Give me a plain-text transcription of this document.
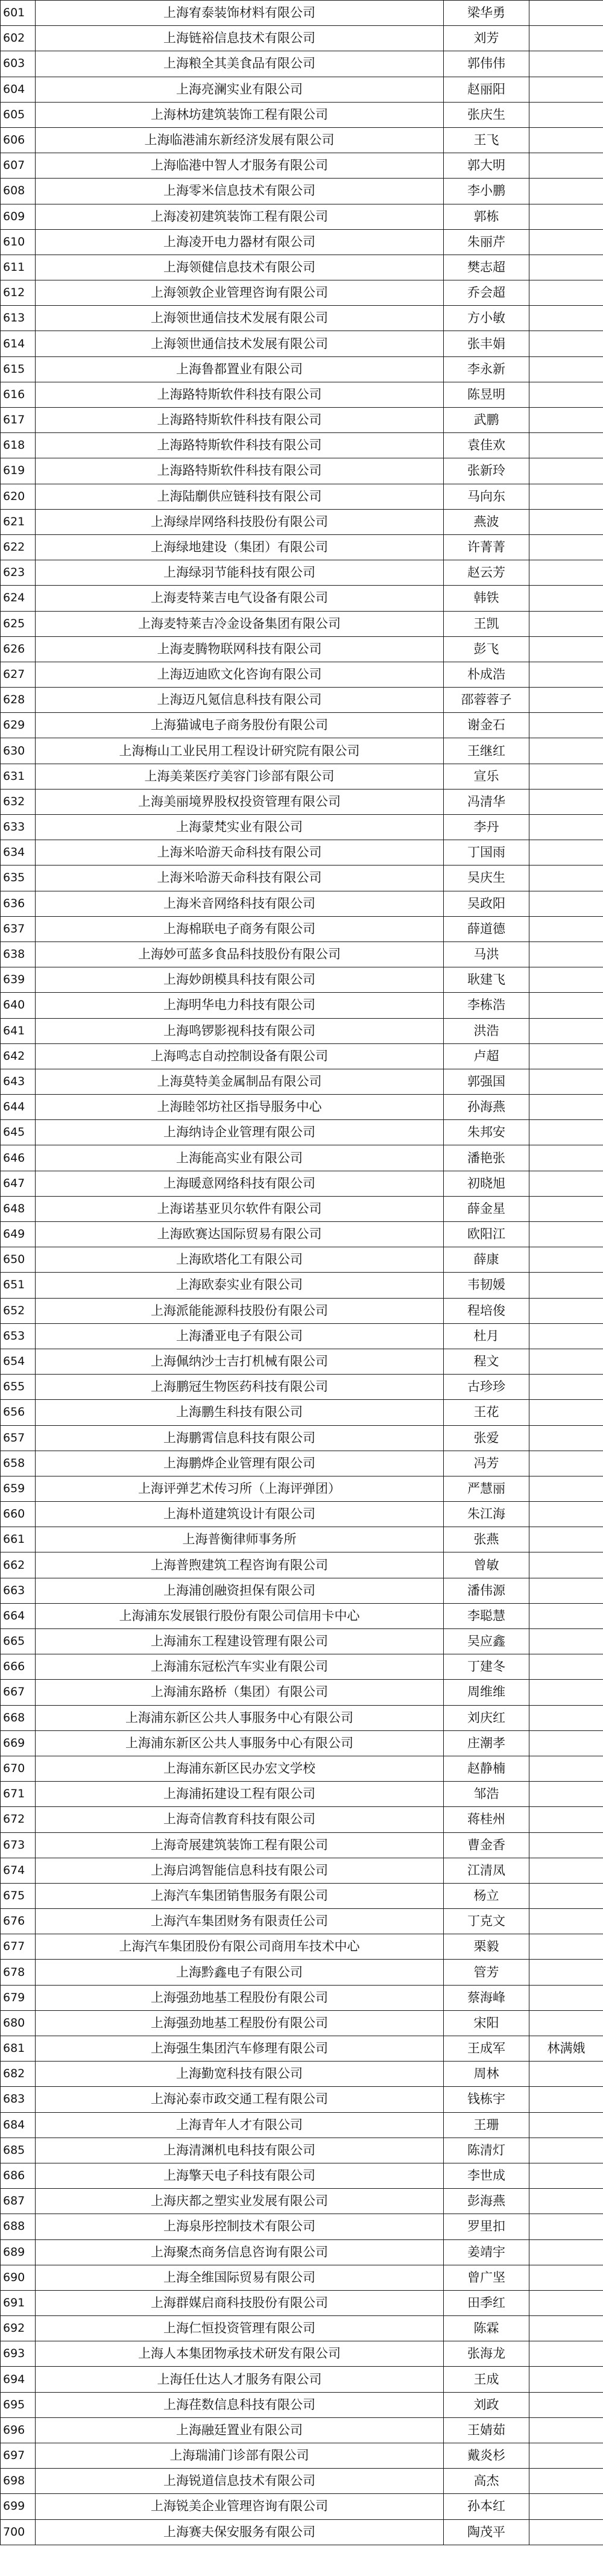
601	上海宥泰装饰材料有限公司	梁华勇	
602	上海链裕信息技术有限公司	刘芳	
603	上海粮全其美食品有限公司	郭伟伟	
604	上海亮澜实业有限公司	赵丽阳	
605	上海林坊建筑装饰工程有限公司	张庆生	
606	上海临港浦东新经济发展有限公司	王飞	
607	上海临港中智人才服务有限公司	郭大明	
608	上海零米信息技术有限公司	李小鹏	
609	上海凌初建筑装饰工程有限公司	郭栋	
610	上海凌开电力器材有限公司	朱丽芹	
611	上海领健信息技术有限公司	樊志超	
612	上海领敦企业管理咨询有限公司	乔会超	
613	上海领世通信技术发展有限公司	方小敏	
614	上海领世通信技术发展有限公司	张丰娟	
615	上海鲁都置业有限公司	李永新	
616	上海路特斯软件科技有限公司	陈昱明	
617	上海路特斯软件科技有限公司	武鹏	
618	上海路特斯软件科技有限公司	袁佳欢	
619	上海路特斯软件科技有限公司	张新玲	
620	上海陆劘供应链科技有限公司	马向东	
621	上海绿岸网络科技股份有限公司	燕波	
622	上海绿地建设（集团）有限公司	许菁菁	
623	上海绿羽节能科技有限公司	赵云芳	
624	上海麦特莱吉电气设备有限公司	韩铁	
625	上海麦特莱吉冷金设备集团有限公司	王凯	
626	上海麦腾物联网科技有限公司	彭飞	
627	上海迈迪欧文化咨询有限公司	朴成浩	
628	上海迈凡氪信息科技有限公司	邵蓉蓉子	
629	上海猫诚电子商务股份有限公司	谢金石	
630	上海梅山工业民用工程设计研究院有限公司	王继红	
631	上海美莱医疗美容门诊部有限公司	宣乐	
632	上海美丽境界股权投资管理有限公司	冯清华	
633	上海蒙梵实业有限公司	李丹	
634	上海米哈游天命科技有限公司	丁国雨	
635	上海米哈游天命科技有限公司	吴庆生	
636	上海米音网络科技有限公司	吴政阳	
637	上海棉联电子商务有限公司	薛道德	
638	上海妙可蓝多食品科技股份有限公司	马洪	
639	上海妙朗模具科技有限公司	耿建飞	
640	上海明华电力科技有限公司	李栋浩	
641	上海鸣锣影视科技有限公司	洪浩	
642	上海鸣志自动控制设备有限公司	卢超	
643	上海莫特美金属制品有限公司	郭强国	
644	上海睦邻坊社区指导服务中心	孙海燕	
645	上海纳诗企业管理有限公司	朱邦安	
646	上海能高实业有限公司	潘艳张	
647	上海暖意网络科技有限公司	初晓旭	
648	上海诺基亚贝尔软件有限公司	薛金星	
649	上海欧赛达国际贸易有限公司	欧阳江	
650	上海欧塔化工有限公司	薛康	
651	上海欧泰实业有限公司	韦韧媛	
652	上海派能能源科技股份有限公司	程培俊	
653	上海潘亚电子有限公司	杜月	
654	上海佩纳沙士吉打机械有限公司	程文	
655	上海鹏冠生物医药科技有限公司	古珍珍	
656	上海鹏生科技有限公司	王花	
657	上海鹏霄信息科技有限公司	张爱	
658	上海鹏烨企业管理有限公司	冯芳	
659	上海评弹艺术传习所（上海评弹团）	严慧丽	
660	上海朴道建筑设计有限公司	朱江海	
661	上海普衡律师事务所	张燕	
662	上海普煦建筑工程咨询有限公司	曾敏	
663	上海浦创融资担保有限公司	潘伟源	
664	上海浦东发展银行股份有限公司信用卡中心	李聪慧	
665	上海浦东工程建设管理有限公司	吴应鑫	
666	上海浦东冠松汽车实业有限公司	丁建冬	
667	上海浦东路桥（集团）有限公司	周维维	
668	上海浦东新区公共人事服务中心有限公司	刘庆红	
669	上海浦东新区公共人事服务中心有限公司	庄潮孝	
670	上海浦东新区民办宏文学校	赵静楠	
671	上海浦拓建设工程有限公司	邹浩	
672	上海奇信教育科技有限公司	蒋桂州	
673	上海奇展建筑装饰工程有限公司	曹金香	
674	上海启鸿智能信息科技有限公司	江清凤	
675	上海汽车集团销售服务有限公司	杨立	
676	上海汽车集团财务有限责任公司	丁克文	
677	上海汽车集团股份有限公司商用车技术中心	栗毅	
678	上海黔鑫电子有限公司	管芳	
679	上海强劲地基工程股份有限公司	蔡海峰	
680	上海强劲地基工程股份有限公司	宋阳	
681	上海强生集团汽车修理有限公司	王成军	林满娥
682	上海勤宽科技有限公司	周林	
683	上海沁泰市政交通工程有限公司	钱栋宇	
684	上海青年人才有限公司	王珊	
685	上海清渊机电科技有限公司	陈清灯	
686	上海擎天电子科技有限公司	李世成	
687	上海庆都之塑实业发展有限公司	彭海燕	
688	上海泉彤控制技术有限公司	罗里扣	
689	上海聚杰商务信息咨询有限公司	姜靖宇	
690	上海全维国际贸易有限公司	曾广坚	
691	上海群媒启商科技股份有限公司	田季红	
692	上海仁恒投资管理有限公司	陈霖	
693	上海人本集团物承技术研发有限公司	张海龙	
694	上海任仕达人才服务有限公司	王成	
695	上海荏数信息科技有限公司	刘政	
696	上海融廷置业有限公司	王婧茹	
697	上海瑞浦门诊部有限公司	戴炎杉	
698	上海锐道信息技术有限公司	高杰	
699	上海锐美企业管理咨询有限公司	孙本红	
700	上海赛夫保安服务有限公司	陶茂平	
